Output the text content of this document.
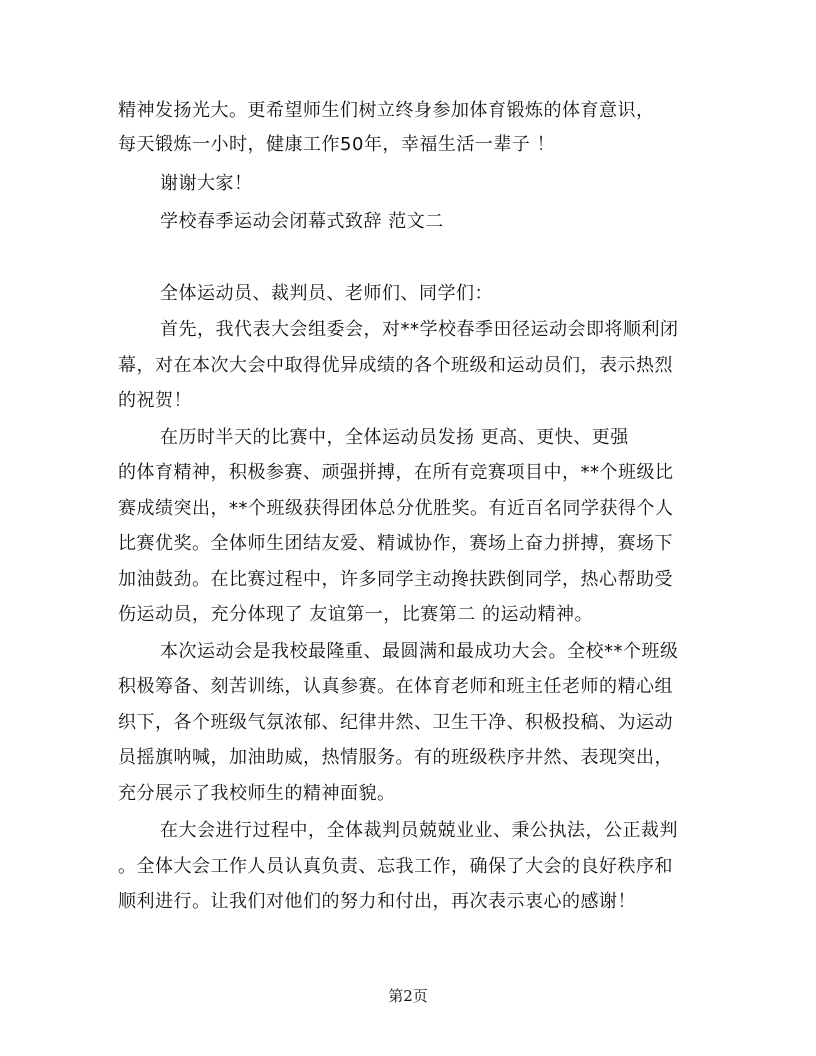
精神发扬光大。更希望师生们树立终身参加体育锻炼的体育意识，
每天锻炼一小时，健康工作50年，幸福生活一辈子 ！
谢谢大家！
学校春季运动会闭幕式致辞 范文二
全体运动员、裁判员、老师们、同学们：
首先，我代表大会组委会，对**学校春季田径运动会即将顺利闭
幕，对在本次大会中取得优异成绩的各个班级和运动员们，表示热烈
的祝贺！
在历时半天的比赛中，全体运动员发扬 更高、更快、更强
的体育精神，积极参赛、顽强拼搏，在所有竞赛项目中，**个班级比
赛成绩突出，**个班级获得团体总分优胜奖。有近百名同学获得个人
比赛优奖。全体师生团结友爱、精诚协作，赛场上奋力拼搏，赛场下
加油鼓劲。在比赛过程中，许多同学主动搀扶跌倒同学，热心帮助受
伤运动员，充分体现了 友谊第一，比赛第二 的运动精神。
本次运动会是我校最隆重、最圆满和最成功大会。全校**个班级
积极筹备、刻苦训练，认真参赛。在体育老师和班主任老师的精心组
织下，各个班级气氛浓郁、纪律井然、卫生干净、积极投稿、为运动
员摇旗呐喊，加油助威，热情服务。有的班级秩序井然、表现突出，
充分展示了我校师生的精神面貌。
在大会进行过程中，全体裁判员兢兢业业、秉公执法，公正裁判
。全体大会工作人员认真负责、忘我工作，确保了大会的良好秩序和
顺利进行。让我们对他们的努力和付出，再次表示衷心的感谢！
第2页
